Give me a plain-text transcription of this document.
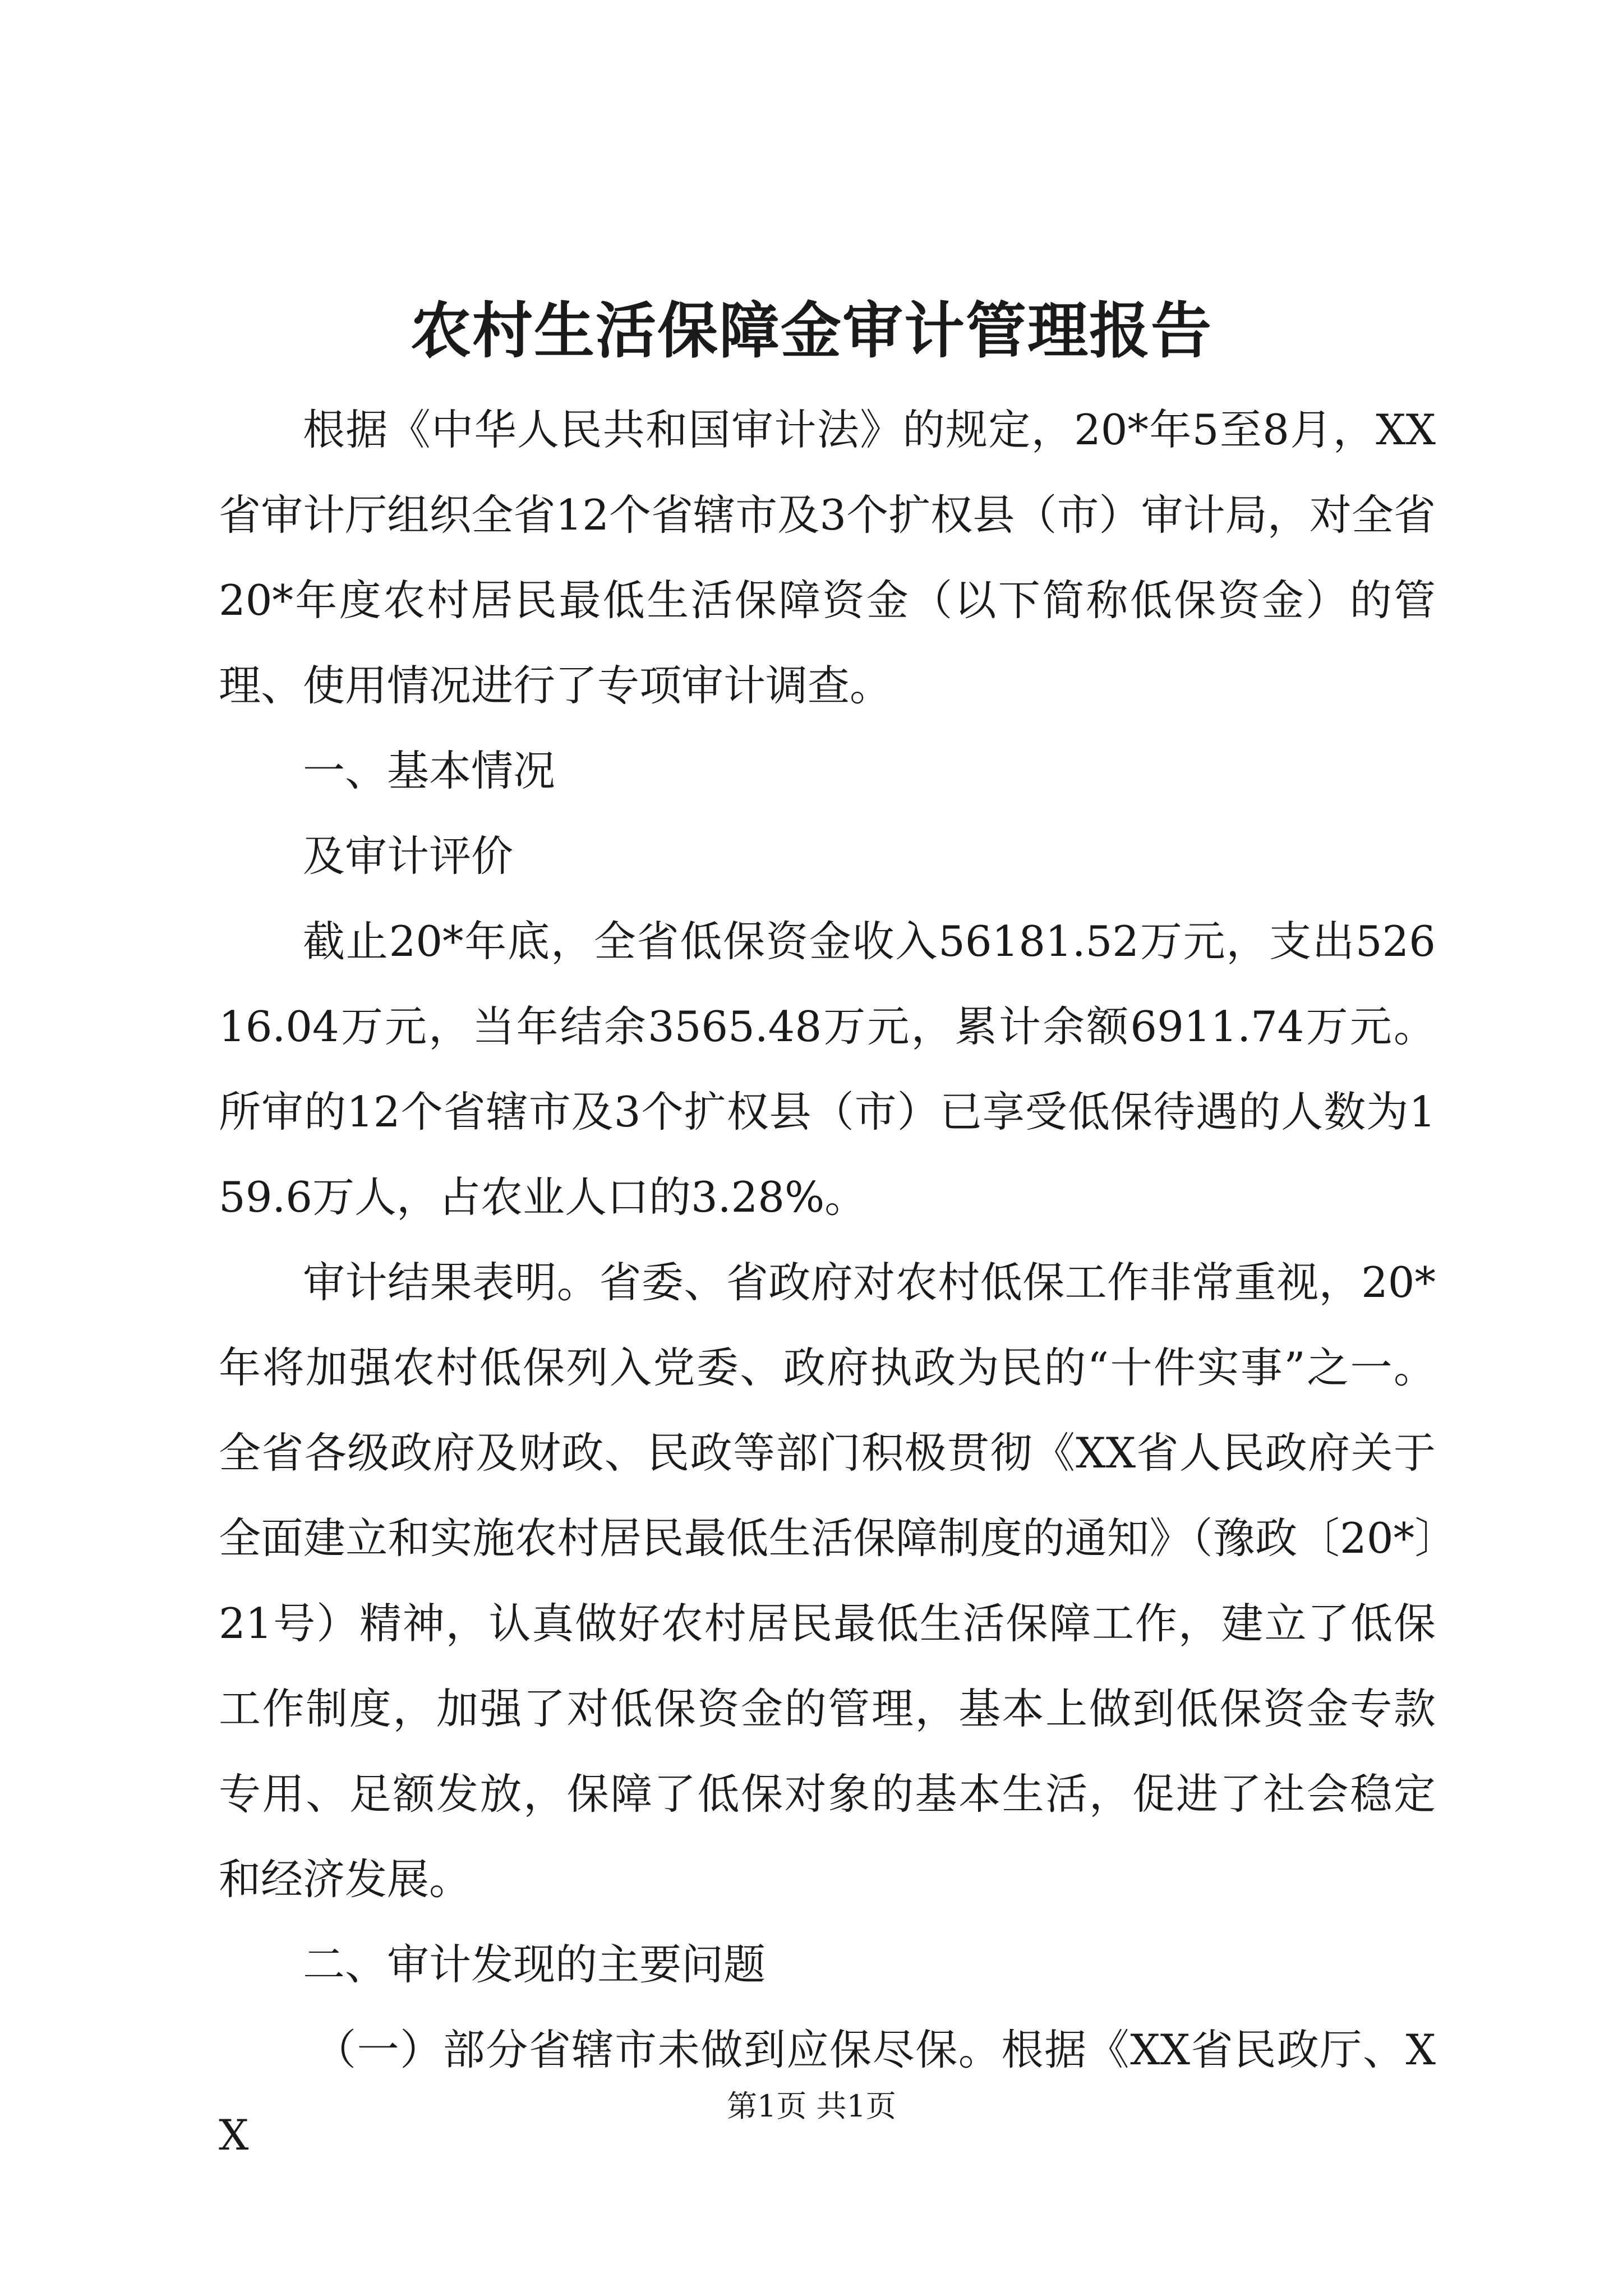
农村生活保障金审计管理报告

根据《中华人民共和国审计法》的规定，20*年5至8月，XX省审计厅组织全省12个省辖市及3个扩权县（市）审计局，对全省20*年度农村居民最低生活保障资金（以下简称低保资金）的管理、使用情况进行了专项审计调查。

一、基本情况

及审计评价

截止20*年底，全省低保资金收入56181.52万元，支出52616.04万元，当年结余3565.48万元，累计余额6911.74万元。所审的12个省辖市及3个扩权县（市）已享受低保待遇的人数为159.6万人，占农业人口的3.28%。

审计结果表明。省委、省政府对农村低保工作非常重视，20*年将加强农村低保列入党委、政府执政为民的“十件实事”之一。全省各级政府及财政、民政等部门积极贯彻《XX省人民政府关于全面建立和实施农村居民最低生活保障制度的通知》（豫政〔20*〕21号）精神，认真做好农村居民最低生活保障工作，建立了低保工作制度，加强了对低保资金的管理，基本上做到低保资金专款专用、足额发放，保障了低保对象的基本生活，促进了社会稳定和经济发展。

二、审计发现的主要问题

（一）部分省辖市未做到应保尽保。根据《XX省民政厅、XX

第1页 共1页
